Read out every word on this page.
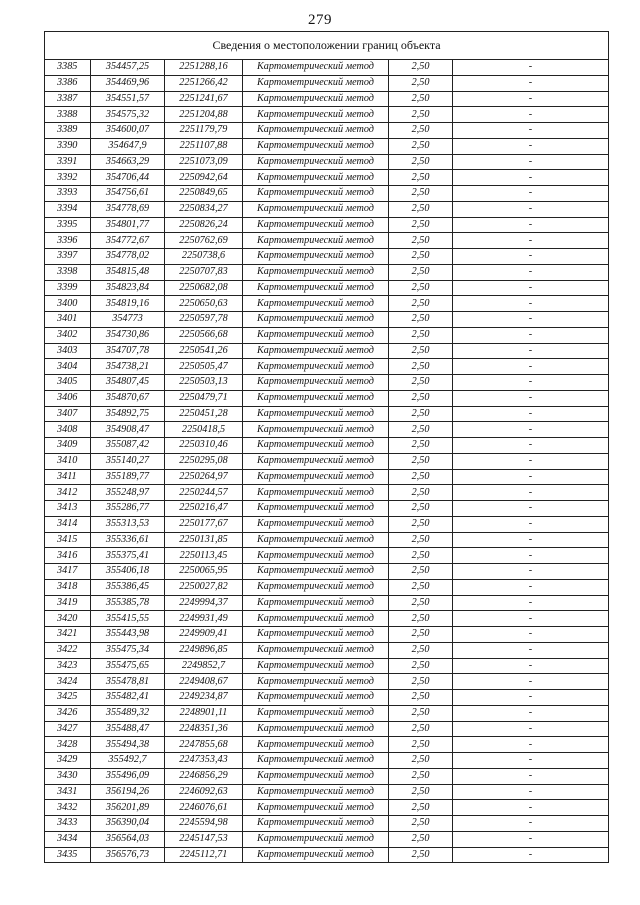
279
Сведения о местоположении границ объекта					
3385	354457,25	2251288,16	Картометрический метод	2,50	-
3386	354469,96	2251266,42	Картометрический метод	2,50	-
3387	354551,57	2251241,67	Картометрический метод	2,50	-
3388	354575,32	2251204,88	Картометрический метод	2,50	-
3389	354600,07	2251179,79	Картометрический метод	2,50	-
3390	354647,9	2251107,88	Картометрический метод	2,50	-
3391	354663,29	2251073,09	Картометрический метод	2,50	-
3392	354706,44	2250942,64	Картометрический метод	2,50	-
3393	354756,61	2250849,65	Картометрический метод	2,50	-
3394	354778,69	2250834,27	Картометрический метод	2,50	-
3395	354801,77	2250826,24	Картометрический метод	2,50	-
3396	354772,67	2250762,69	Картометрический метод	2,50	-
3397	354778,02	2250738,6	Картометрический метод	2,50	-
3398	354815,48	2250707,83	Картометрический метод	2,50	-
3399	354823,84	2250682,08	Картометрический метод	2,50	-
3400	354819,16	2250650,63	Картометрический метод	2,50	-
3401	354773	2250597,78	Картометрический метод	2,50	-
3402	354730,86	2250566,68	Картометрический метод	2,50	-
3403	354707,78	2250541,26	Картометрический метод	2,50	-
3404	354738,21	2250505,47	Картометрический метод	2,50	-
3405	354807,45	2250503,13	Картометрический метод	2,50	-
3406	354870,67	2250479,71	Картометрический метод	2,50	-
3407	354892,75	2250451,28	Картометрический метод	2,50	-
3408	354908,47	2250418,5	Картометрический метод	2,50	-
3409	355087,42	2250310,46	Картометрический метод	2,50	-
3410	355140,27	2250295,08	Картометрический метод	2,50	-
3411	355189,77	2250264,97	Картометрический метод	2,50	-
3412	355248,97	2250244,57	Картометрический метод	2,50	-
3413	355286,77	2250216,47	Картометрический метод	2,50	-
3414	355313,53	2250177,67	Картометрический метод	2,50	-
3415	355336,61	2250131,85	Картометрический метод	2,50	-
3416	355375,41	2250113,45	Картометрический метод	2,50	-
3417	355406,18	2250065,95	Картометрический метод	2,50	-
3418	355386,45	2250027,82	Картометрический метод	2,50	-
3419	355385,78	2249994,37	Картометрический метод	2,50	-
3420	355415,55	2249931,49	Картометрический метод	2,50	-
3421	355443,98	2249909,41	Картометрический метод	2,50	-
3422	355475,34	2249896,85	Картометрический метод	2,50	-
3423	355475,65	2249852,7	Картометрический метод	2,50	-
3424	355478,81	2249408,67	Картометрический метод	2,50	-
3425	355482,41	2249234,87	Картометрический метод	2,50	-
3426	355489,32	2248901,11	Картометрический метод	2,50	-
3427	355488,47	2248351,36	Картометрический метод	2,50	-
3428	355494,38	2247855,68	Картометрический метод	2,50	-
3429	355492,7	2247353,43	Картометрический метод	2,50	-
3430	355496,09	2246856,29	Картометрический метод	2,50	-
3431	356194,26	2246092,63	Картометрический метод	2,50	-
3432	356201,89	2246076,61	Картометрический метод	2,50	-
3433	356390,04	2245594,98	Картометрический метод	2,50	-
3434	356564,03	2245147,53	Картометрический метод	2,50	-
3435	356576,73	2245112,71	Картометрический метод	2,50	-
